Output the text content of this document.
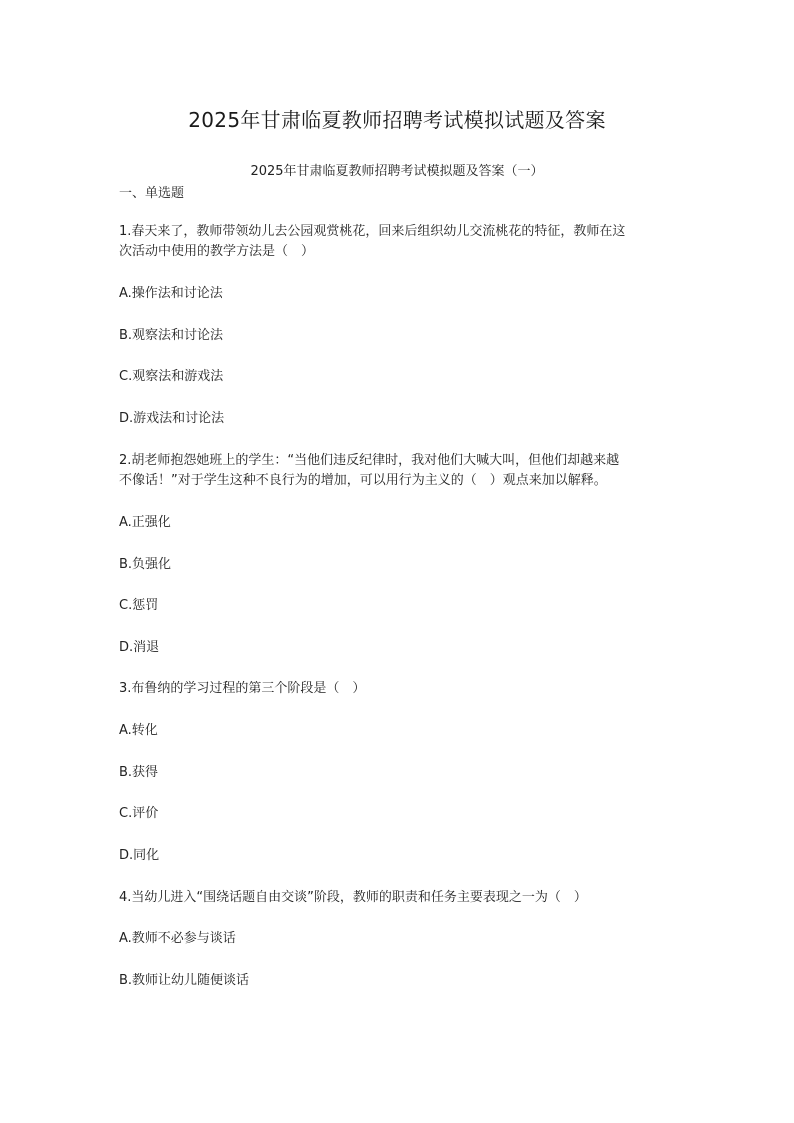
2025年甘肃临夏教师招聘考试模拟试题及答案
2025年甘肃临夏教师招聘考试模拟题及答案（一）
一、单选题
1.春天来了，教师带领幼儿去公园观赏桃花，回来后组织幼儿交流桃花的特征，教师在这
次活动中使用的教学方法是（　）
A.操作法和讨论法
B.观察法和讨论法
C.观察法和游戏法
D.游戏法和讨论法
2.胡老师抱怨她班上的学生：“当他们违反纪律时，我对他们大喊大叫，但他们却越来越
不像话！”对于学生这种不良行为的增加，可以用行为主义的（　）观点来加以解释。
A.正强化
B.负强化
C.惩罚
D.消退
3.布鲁纳的学习过程的第三个阶段是（　）
A.转化
B.获得
C.评价
D.同化
4.当幼儿进入“围绕话题自由交谈”阶段，教师的职责和任务主要表现之一为（　）
A.教师不必参与谈话
B.教师让幼儿随便谈话
